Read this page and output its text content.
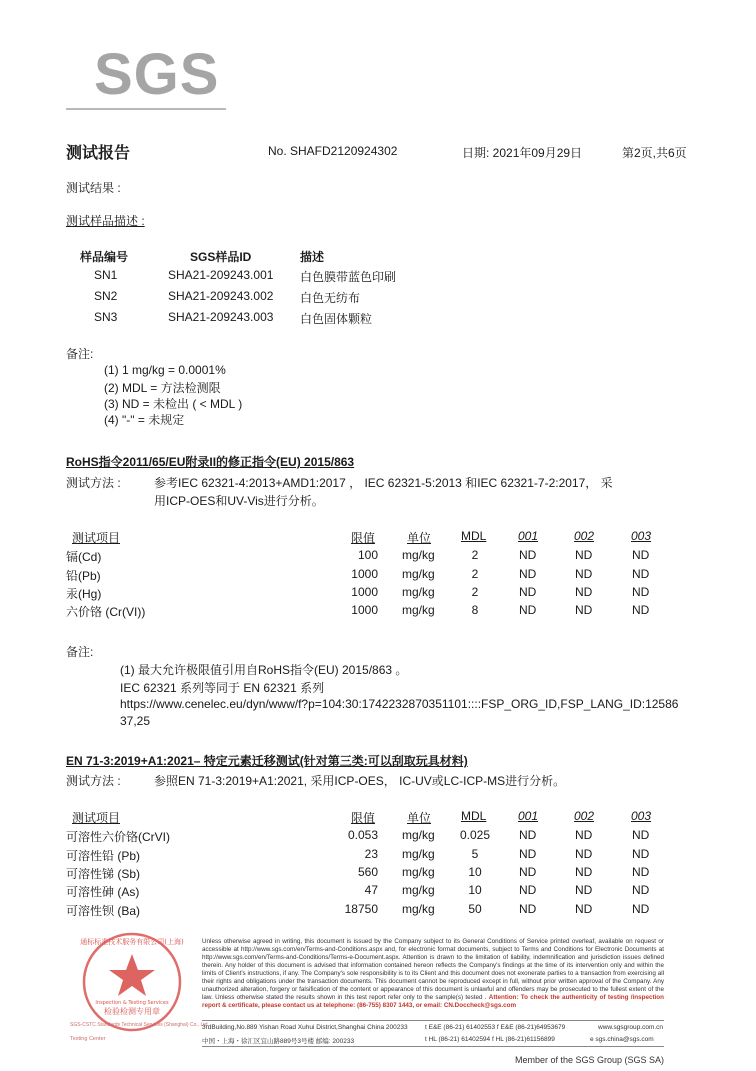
SGS
测试报告	No. SHAFD2120924302	日期: 2021年09月29日	第2页,共6页
测试结果 :
测试样品描述 :
样品编号	SGS样品ID	描述
SN1	SHA21-209243.001 白色膜带蓝色印刷
SN2	SHA21-209243.002 白色无纺布
SN3	SHA21-209243.003 白色固体颗粒
备注:
(1) 1 mg/kg = 0.0001%
(2) MDL = 方法检测限
(3) ND = 未检出 ( < MDL )
(4) "-" = 未规定
RoHS指令2011/65/EU附录II的修正指令(EU) 2015/863
测试方法 :	参考IEC 62321-4:2013+AMD1:2017 ， IEC 62321-5:2013 和IEC 62321-7-2:2017， 采
用ICP-OES和UV-Vis进行分析。
测试项目	限值	单位 MDL	001	002	003
镉(Cd)	100 mg/kg	2	ND	ND	ND
铅(Pb)	1000 mg/kg	2	ND	ND	ND
汞(Hg)	1000 mg/kg	2	ND	ND	ND
六价铬 (Cr(VI))	1000 mg/kg	8	ND	ND	ND
备注:
(1) 最大允许极限值引用自RoHS指令(EU) 2015/863 。
IEC 62321 系列等同于 EN 62321 系列
https://www.cenelec.eu/dyn/www/f?p=104:30:1742232870351101::::FSP_ORG_ID,FSP_LANG_ID:12586
37,25
EN 71-3:2019+A1:2021– 特定元素迁移测试(针对第三类:可以刮取玩具材料)
测试方法 :	参照EN 71-3:2019+A1:2021, 采用ICP-OES， IC-UV或LC-ICP-MS进行分析。
测试项目	限值	单位 MDL	001	002	003
可溶性六价铬(CrVI)	0.053 mg/kg	0.025	ND	ND	ND
可溶性铅 (Pb)	23 mg/kg	5	ND	ND	ND
可溶性锑 (Sb)	560 mg/kg	10	ND	ND	ND
可溶性砷 (As)	47 mg/kg	10	ND	ND	ND
可溶性钡 (Ba)	18750 mg/kg	50	ND	ND	ND
检验检测专用章
Inspection & Testing Services
通标标准技术服务有限公司(上海)
SGS-CSTC Standards Technical Services (Shanghai) Co., Ltd.
Testing Center
Unless otherwise agreed in writing, this document is issued by the Company subject to its General Conditions of Service printed overleaf, available on request or accessible at http://www.sgs.com/en/Terms-and-Conditions.aspx and, for electronic format documents, subject to Terms and Conditions for Electronic Documents at http://www.sgs.com/en/Terms-and-Conditions/Terms-e-Document.aspx. Attention is drawn to the limitation of liability, indemnification and jurisdiction issues defined therein. Any holder of this document is advised that information contained hereon reflects the Company's findings at the time of its intervention only and within the limits of Client's instructions, if any. The Company's sole responsibility is to its Client and this document does not exonerate parties to a transaction from exercising all their rights and obligations under the transaction documents. This document cannot be reproduced except in full, without prior written approval of the Company. Any unauthorized alteration, forgery or falsification of the content or appearance of this document is unlawful and offenders may be prosecuted to the fullest extent of the law. Unless otherwise stated the results shown in this test report refer only to the sample(s) tested . Attention: To check the authenticity of testing /inspection report & certificate, please contact us at telephone: (86-755) 8307 1443, or email: CN.Doccheck@sgs.com
3rdBuilding,No.889 Yishan Road Xuhui District,Shanghai China 200233
中国・上海・徐汇区宜山路889号3号楼 邮编: 200233
t E&E (86-21) 61402553 f E&E (86-21)64953679
t HL (86-21) 61402594 f HL (86-21)61156899
www.sgsgroup.com.cn
e sgs.china@sgs.com
Member of the SGS Group (SGS SA)
